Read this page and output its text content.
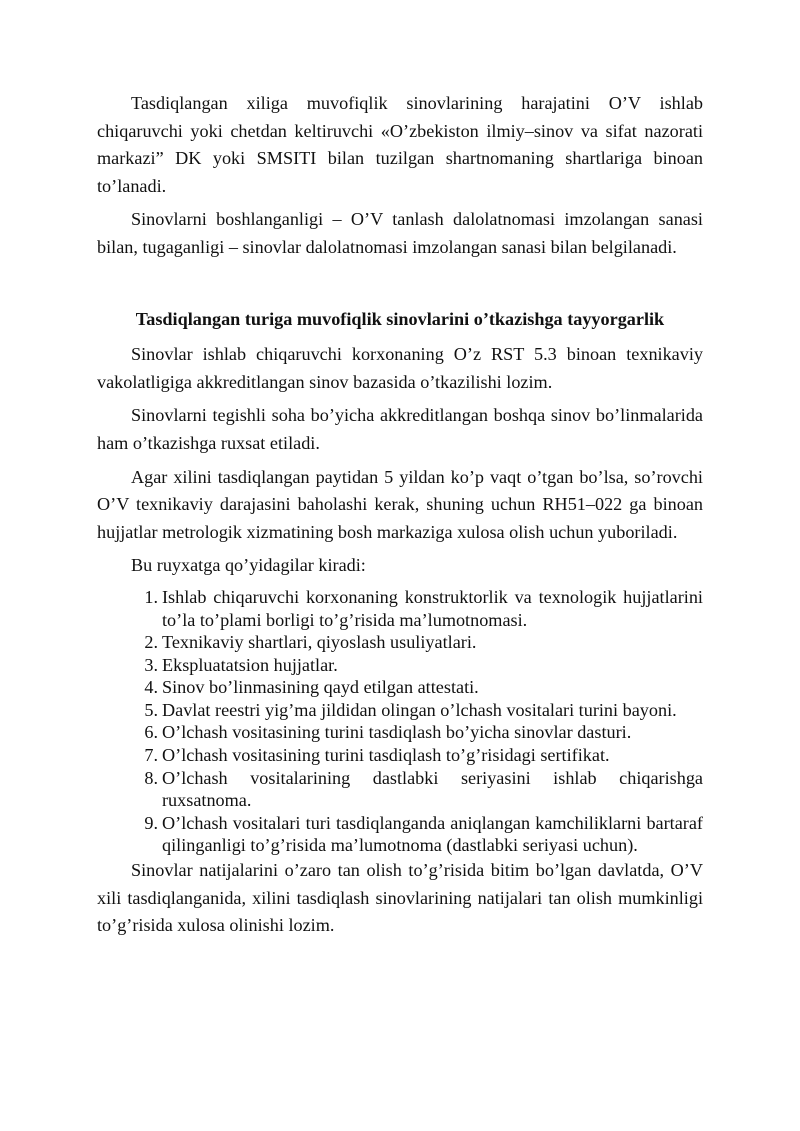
Tasdiqlangan xiliga muvofiqlik sinovlarining harajatini O’V ishlab chiqaruvchi yoki chetdan keltiruvchi «O’zbekiston ilmiy–sinov va sifat nazorati markazi” DK yoki SMSITI bilan tuzilgan shartnomaning shartlariga binoan to’lanadi.

Sinovlarni boshlanganligi – O’V tanlash dalolatnomasi imzolangan sanasi bilan, tugaganligi – sinovlar dalolatnomasi imzolangan sanasi bilan belgilanadi.

Tasdiqlangan turiga muvofiqlik sinovlarini o’tkazishga tayyorgarlik

Sinovlar ishlab chiqaruvchi korxonaning O’z RST 5.3 binoan texnikaviy vakolatligiga akkreditlangan sinov bazasida o’tkazilishi lozim.

Sinovlarni tegishli soha bo’yicha akkreditlangan boshqa sinov bo’linmalarida ham o’tkazishga ruxsat etiladi.

Agar xilini tasdiqlangan paytidan 5 yildan ko’p vaqt o’tgan bo’lsa, so’rovchi O’V texnikaviy darajasini baholashi kerak, shuning uchun RH51–022 ga binoan hujjatlar metrologik xizmatining bosh markaziga xulosa olish uchun yuboriladi.

Bu ruyxatga qo’yidagilar kiradi:

1. Ishlab chiqaruvchi korxonaning konstruktorlik va texnologik hujjatlarini to’la to’plami borligi to’g’risida ma’lumotnomasi.
2. Texnikaviy shartlari, qiyoslash usuliyatlari.
3. Ekspluatatsion hujjatlar.
4. Sinov bo’linmasining qayd etilgan attestati.
5. Davlat reestri yig’ma jildidan olingan o’lchash vositalari turini bayoni.
6. O’lchash vositasining turini tasdiqlash bo’yicha sinovlar dasturi.
7. O’lchash vositasining turini tasdiqlash to’g’risidagi sertifikat.
8. O’lchash vositalarining dastlabki seriyasini ishlab chiqarishga ruxsatnoma.
9. O’lchash vositalari turi tasdiqlanganda aniqlangan kamchiliklarni bartaraf qilinganligi to’g’risida ma’lumotnoma (dastlabki seriyasi uchun).

Sinovlar natijalarini o’zaro tan olish to’g’risida bitim bo’lgan davlatda, O’V xili tasdiqlanganida, xilini tasdiqlash sinovlarining natijalari tan olish mumkinligi to’g’risida xulosa olinishi lozim.
